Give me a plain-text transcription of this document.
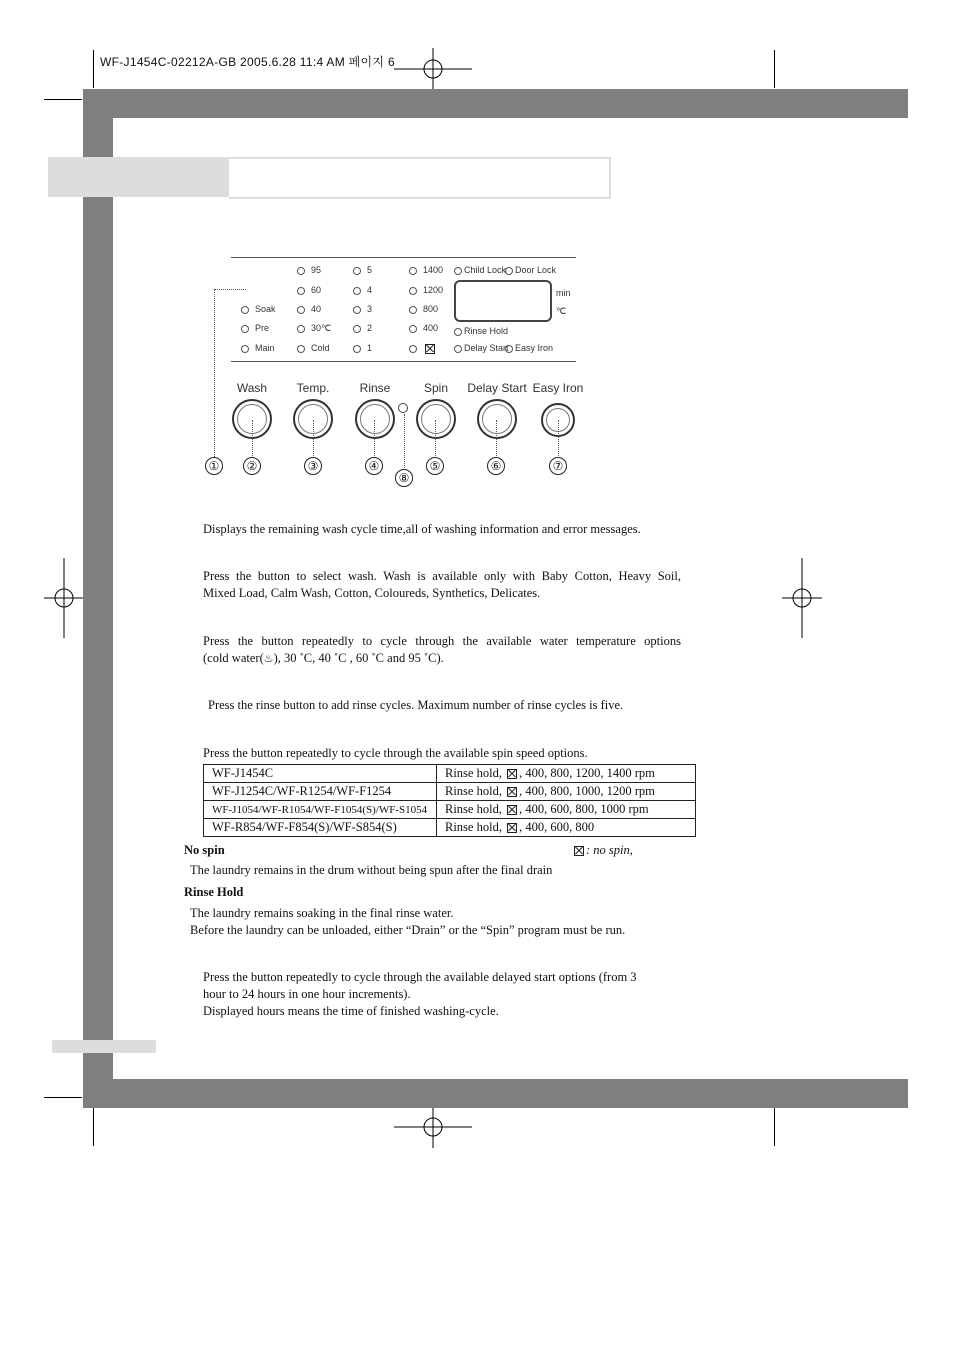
WF-J1454C-02212A-GB 2005.6.28 11:4 AM 페이지 6
Soak
Pre
Main
95
60
40
30℃
Cold
5
4
3
2
1
1400
1200
800
400
Child Lock Door Lock
min
℃
Rinse Hold
Delay Start Easy Iron
Wash	Temp.	Rinse	Spin	Delay Start Easy Iron
①	②	③	④	⑤	⑥	⑦
⑧
Displays the remaining wash cycle time,all of washing information and error messages.
Press the button to select wash. Wash is available only with Baby Cotton, Heavy Soil,
Mixed Load, Calm Wash, Cotton, Coloureds, Synthetics, Delicates.
Press the button repeatedly to cycle through the available water temperature options
(cold water(♨), 30 ˚C, 40 ˚C , 60 ˚C and 95 ˚C).
Press the rinse button to add rinse cycles. Maximum number of rinse cycles is five.
Press the button repeatedly to cycle through the available spin speed options.
WF-J1454C	Rinse hold, , 400, 800, 1200, 1400 rpm
WF-J1254C/WF-R1254/WF-F1254	Rinse hold, , 400, 800, 1000, 1200 rpm
WF-J1054/WF-R1054/WF-F1054(S)/WF-S1054	Rinse hold, , 400, 600, 800, 1000 rpm
WF-R854/WF-F854(S)/WF-S854(S)	Rinse hold, , 400, 600, 800
No spin	: no spin,
The laundry remains in the drum without being spun after the final drain
Rinse Hold
The laundry remains soaking in the final rinse water.
Before the laundry can be unloaded, either “Drain” or the “Spin” program must be run.
Press the button repeatedly to cycle through the available delayed start options (from 3
hour to 24 hours in one hour increments).
Displayed hours means the time of finished washing-cycle.
